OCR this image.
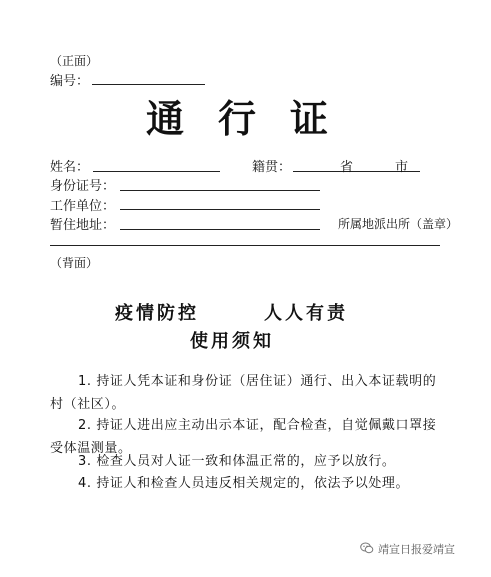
（正面）
编号：
通行证
姓名：	籍贯：	省	市
身份证号：
工作单位：
暂住地址：	所属地派出所（盖章）
（背面）
疫情防控	人人有责
使用须知
1. 持证人凭本证和身份证（居住证）通行、出入本证载明的村（社区）。
2. 持证人进出应主动出示本证，配合检查，自觉佩戴口罩接受体温测量。
3. 检查人员对人证一致和体温正常的，应予以放行。
4. 持证人和检查人员违反相关规定的，依法予以处理。
靖宣日报爱靖宣
